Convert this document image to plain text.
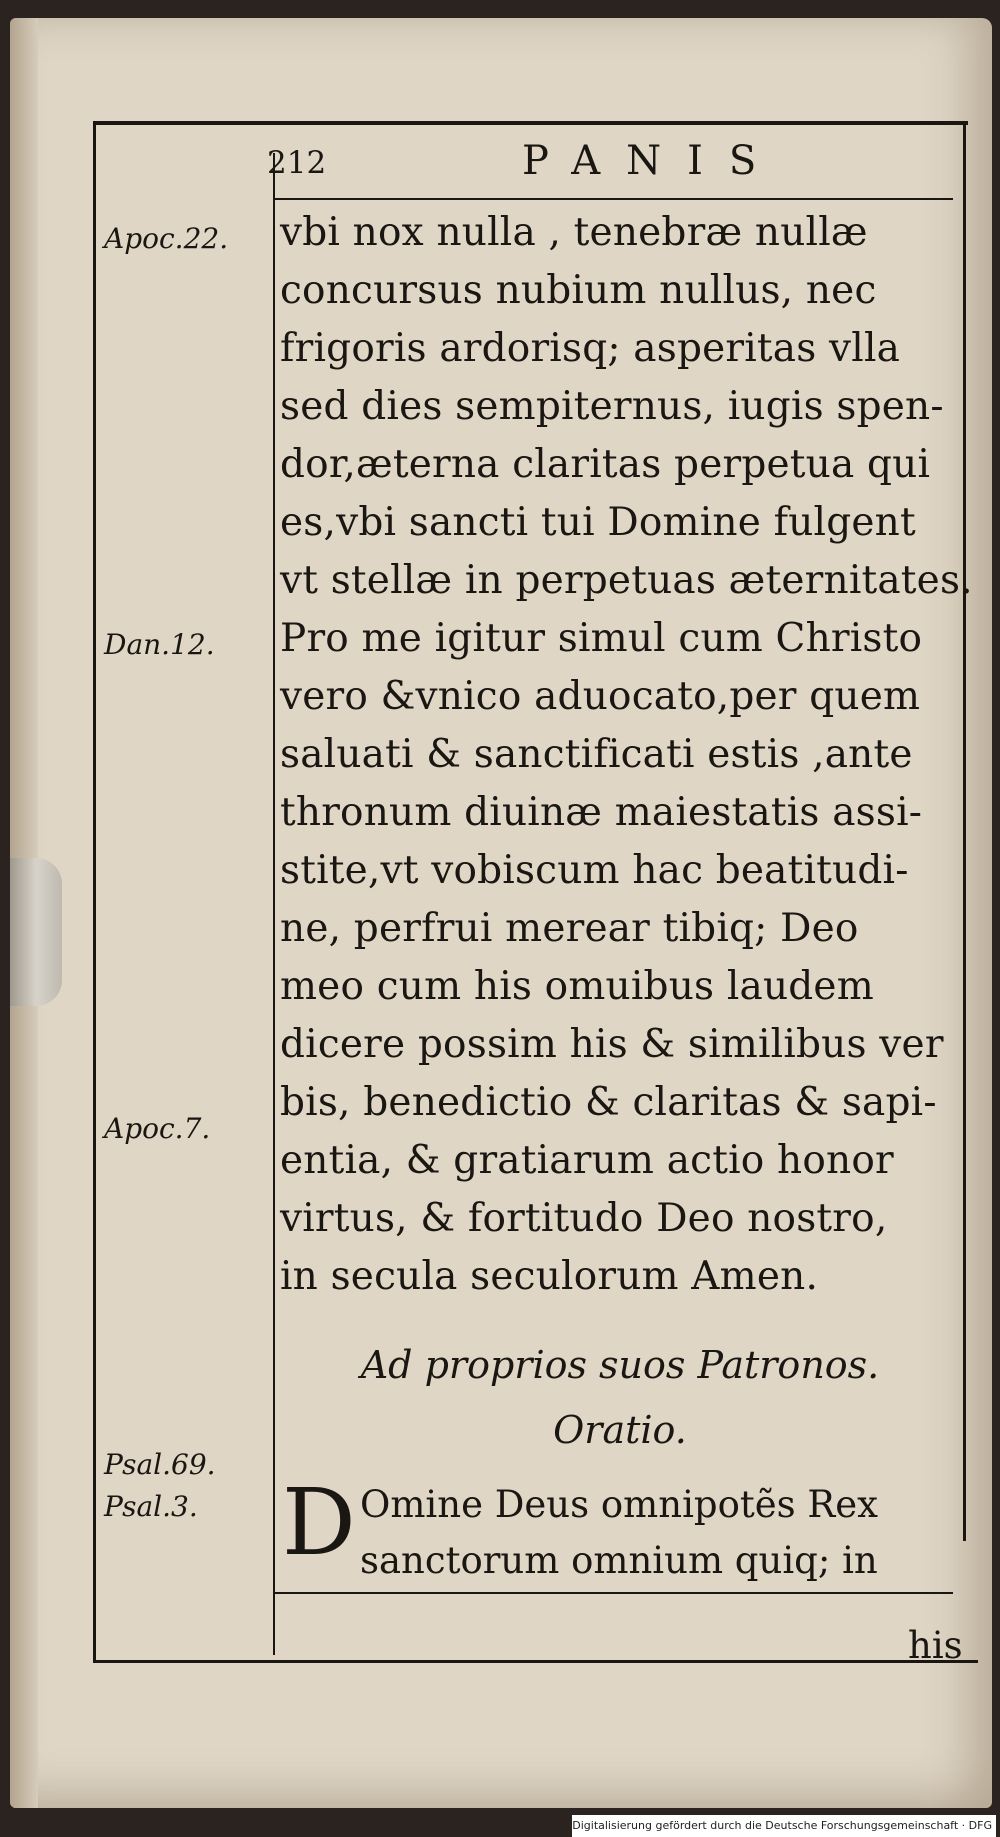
212	PANIS
Apoc.22.
Dan.12.
Apoc.7.
Psal.69.
Psal.3.
vbi nox nulla , tenebræ nullæ
concursus nubium nullus, nec
frigoris ardorisq; asperitas vlla
sed dies sempiternus, iugis spen-
dor,æterna claritas perpetua qui
es,vbi sancti tui Domine fulgent
vt stellæ in perpetuas æternitates.
Pro me igitur simul cum Christo
vero &vnico aduocato,per quem
saluati & sanctificati estis ,ante
thronum diuinæ maiestatis assi-
stite,vt vobiscum hac beatitudi-
ne, perfrui merear tibiq; Deo
meo cum his omuibus laudem
dicere possim his & similibus ver
bis, benedictio & claritas & sapi-
entia, & gratiarum actio honor
virtus, & fortitudo Deo nostro,
in secula seculorum Amen.
Ad proprios suos Patronos.
Oratio.
D Omine Deus omnipotẽs Rex
sanctorum omnium quiq; in
his
Digitalisierung gefördert durch die Deutsche Forschungsgemeinschaft · DFG
